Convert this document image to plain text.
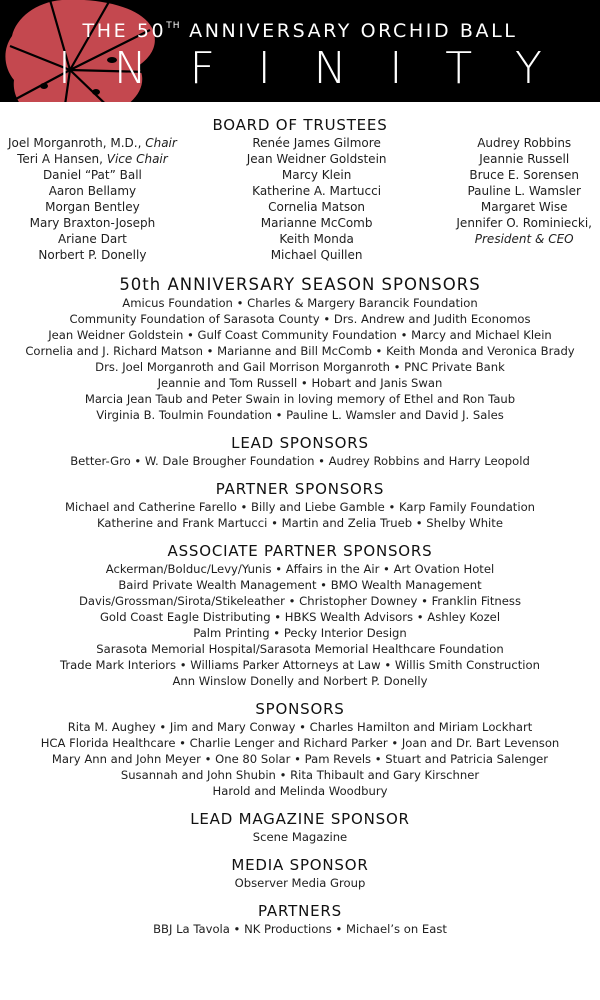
THE 50TH ANNIVERSARY ORCHID BALL
I N F I N I T Y
BOARD OF TRUSTEES
Joel Morganroth, M.D., Chair
Teri A Hansen, Vice Chair
Daniel “Pat” Ball
Aaron Bellamy
Morgan Bentley
Mary Braxton-Joseph
Ariane Dart
Norbert P. Donelly
Renée James Gilmore
Jean Weidner Goldstein
Marcy Klein
Katherine A. Martucci
Cornelia Matson
Marianne McComb
Keith Monda
Michael Quillen
Audrey Robbins
Jeannie Russell
Bruce E. Sorensen
Pauline L. Wamsler
Margaret Wise
Jennifer O. Rominiecki,
President & CEO
50th ANNIVERSARY SEASON SPONSORS
Amicus Foundation • Charles & Margery Barancik Foundation
Community Foundation of Sarasota County • Drs. Andrew and Judith Economos
Jean Weidner Goldstein • Gulf Coast Community Foundation • Marcy and Michael Klein
Cornelia and J. Richard Matson • Marianne and Bill McComb • Keith Monda and Veronica Brady
Drs. Joel Morganroth and Gail Morrison Morganroth • PNC Private Bank
Jeannie and Tom Russell • Hobart and Janis Swan
Marcia Jean Taub and Peter Swain in loving memory of Ethel and Ron Taub
Virginia B. Toulmin Foundation • Pauline L. Wamsler and David J. Sales
LEAD SPONSORS
Better-Gro • W. Dale Brougher Foundation • Audrey Robbins and Harry Leopold
PARTNER SPONSORS
Michael and Catherine Farello • Billy and Liebe Gamble • Karp Family Foundation
Katherine and Frank Martucci • Martin and Zelia Trueb • Shelby White
ASSOCIATE PARTNER SPONSORS
Ackerman/Bolduc/Levy/Yunis • Affairs in the Air • Art Ovation Hotel
Baird Private Wealth Management • BMO Wealth Management
Davis/Grossman/Sirota/Stikeleather • Christopher Downey • Franklin Fitness
Gold Coast Eagle Distributing • HBKS Wealth Advisors • Ashley Kozel
Palm Printing • Pecky Interior Design
Sarasota Memorial Hospital/Sarasota Memorial Healthcare Foundation
Trade Mark Interiors • Williams Parker Attorneys at Law • Willis Smith Construction
Ann Winslow Donelly and Norbert P. Donelly
SPONSORS
Rita M. Aughey • Jim and Mary Conway • Charles Hamilton and Miriam Lockhart
HCA Florida Healthcare • Charlie Lenger and Richard Parker • Joan and Dr. Bart Levenson
Mary Ann and John Meyer • One 80 Solar • Pam Revels • Stuart and Patricia Salenger
Susannah and John Shubin • Rita Thibault and Gary Kirschner
Harold and Melinda Woodbury
LEAD MAGAZINE SPONSOR
Scene Magazine
MEDIA SPONSOR
Observer Media Group
PARTNERS
BBJ La Tavola • NK Productions • Michael’s on East
